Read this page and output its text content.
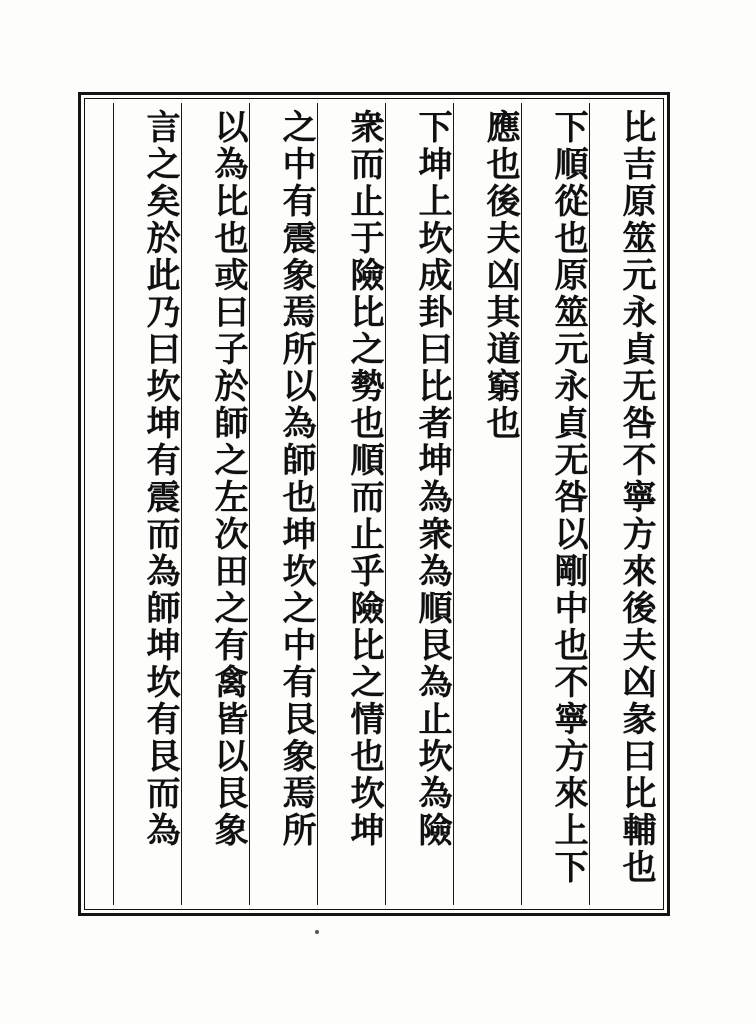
比吉原筮元永貞无咎不寧方來後夫凶彖曰比輔也
下順從也原筮元永貞无咎以剛中也不寧方來上下
應也後夫凶其道窮也
下坤上坎成卦曰比者坤為衆為順艮為止坎為險
衆而止于險比之勢也順而止乎險比之情也坎坤
之中有震象焉所以為師也坤坎之中有艮象焉所
以為比也或曰子於師之左次田之有禽皆以艮象
言之矣於此乃曰坎坤有震而為師坤坎有艮而為
